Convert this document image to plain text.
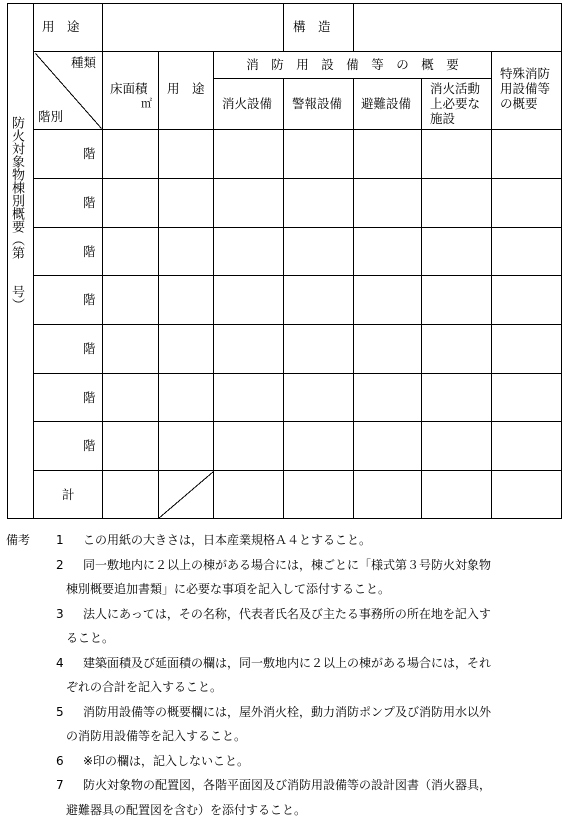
防火対象物棟別概要（第　　号）
用　途	構　造
種類
階別
床面積
㎡
用　途
消　防　用　設　備　等　の　概　要
消火設備 警報設備 避難設備
消火活動上必要な施設
特殊消防用設備等の概要
階
階
階
階
階
階
階
計
備考 1 この用紙の大きさは，日本産業規格Ａ４とすること。
2 同一敷地内に２以上の棟がある場合には，棟ごとに「様式第３号防火対象物
棟別概要追加書類」に必要な事項を記入して添付すること。
3 法人にあっては，その名称，代表者氏名及び主たる事務所の所在地を記入す
ること。
4 建築面積及び延面積の欄は，同一敷地内に２以上の棟がある場合には，それ
ぞれの合計を記入すること。
5 消防用設備等の概要欄には，屋外消火栓，動力消防ポンプ及び消防用水以外
の消防用設備等を記入すること。
6 ※印の欄は，記入しないこと。
7 防火対象物の配置図，各階平面図及び消防用設備等の設計図書（消火器具，
避難器具の配置図を含む）を添付すること。
